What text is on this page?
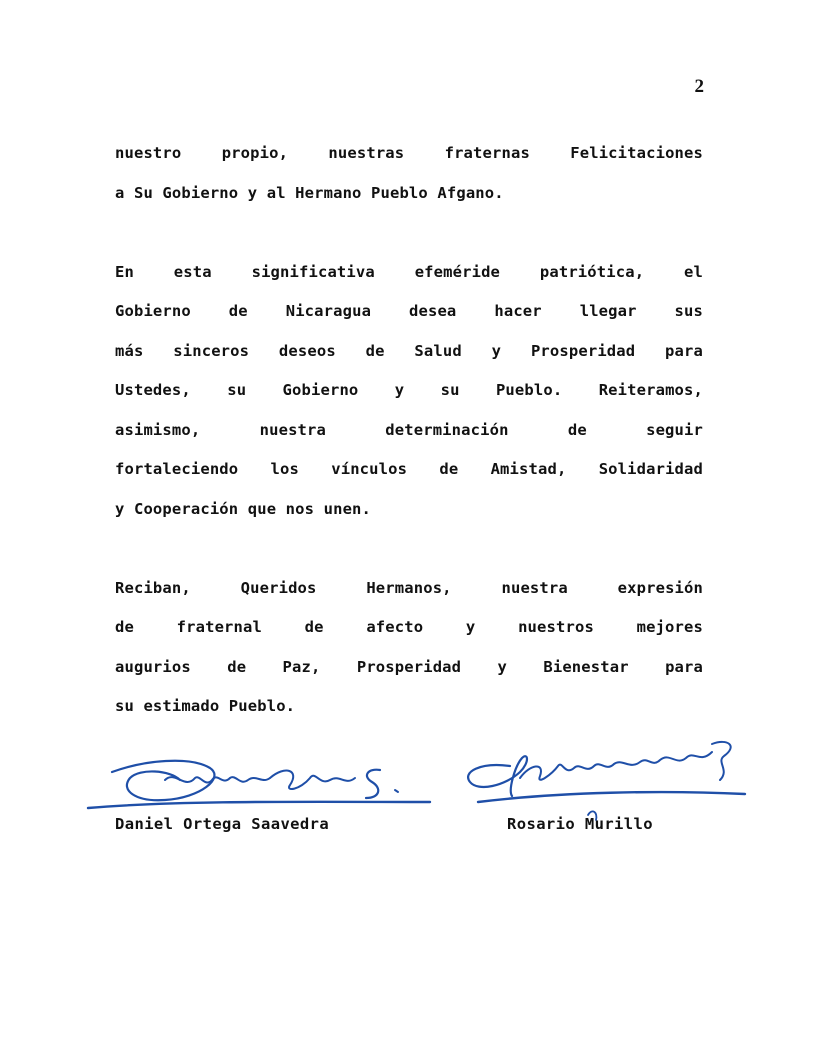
2
nuestro propio, nuestras fraternas Felicitaciones
a Su Gobierno y al Hermano Pueblo Afgano.
En esta significativa efeméride patriótica, el
Gobierno de Nicaragua desea hacer llegar sus
más sinceros deseos de Salud y Prosperidad para
Ustedes, su Gobierno y su Pueblo. Reiteramos,
asimismo, nuestra determinación de seguir
fortaleciendo los vínculos de Amistad, Solidaridad
y Cooperación que nos unen.
Reciban, Queridos Hermanos, nuestra expresión
de fraternal de afecto y nuestros mejores
augurios de Paz, Prosperidad y Bienestar para
su estimado Pueblo.
Daniel Ortega Saavedra	Rosario Murillo
